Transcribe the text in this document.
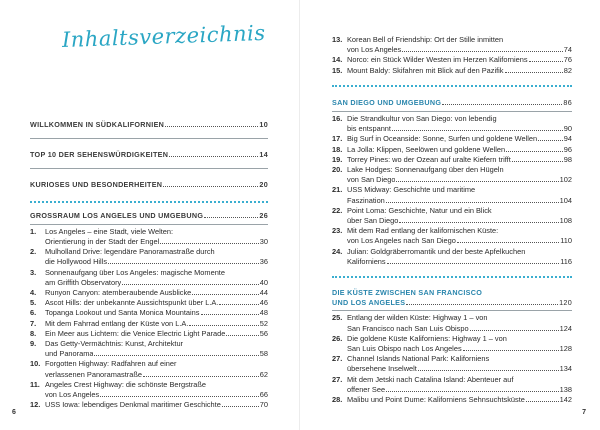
Inhaltsverzeichnis
WILLKOMMEN IN SÜDKALIFORNIEN	10
TOP 10 DER SEHENSWÜRDIGKEITEN	14
KURIOSES UND BESONDERHEITEN	20
GROSSRAUM LOS ANGELES UND UMGEBUNG	26
1. Los Angeles – eine Stadt, viele Welten:
Orientierung in der Stadt der Engel	30
2. Mulholland Drive: legendäre Panoramastraße durch
die Hollywood Hills	36
3. Sonnenaufgang über Los Angeles: magische Momente
am Griffith Observatory	40
4.	Runyon Canyon: atemberaubende Ausblicke	44
5.	Ascot Hills: der unbekannte Aussichtspunkt über L.A.	46
6.	Topanga Lookout und Santa Monica Mountains	48
7.	Mit dem Fahrrad entlang der Küste von L.A.	52
8.	Ein Meer aus Lichtern: die Venice Electric Light Parade	56
9. Das Getty-Vermächtnis: Kunst, Architektur
und Panorama	58
10. Forgotten Highway: Radfahren auf einer
verlassenen Panoramastraße	62
11. Angeles Crest Highway: die schönste Bergstraße
von Los Angeles	66
12. USS Iowa: lebendiges Denkmal maritimer Geschichte	70
6
13. Korean Bell of Friendship: Ort der Stille inmitten
von Los Angeles	74
14. Norco: ein Stück Wilder Westen im Herzen Kaliforniens	76
15. Mount Baldy: Skifahren mit Blick auf den Pazifik	82
SAN DIEGO UND UMGEBUNG	86
16. Die Strandkultur von San Diego: von lebendig
bis entspannt	90
17. Big Surf in Oceanside: Sonne, Surfen und goldene Wellen	94
18. La Jolla: Klippen, Seelöwen und goldene Wellen	96
19. Torrey Pines: wo der Ozean auf uralte Kiefern trifft	98
20. Lake Hodges: Sonnenaufgang über den Hügeln
von San Diego	102
21. USS Midway: Geschichte und maritime
Faszination	104
22. Point Loma: Geschichte, Natur und ein Blick
über San Diego	108
23. Mit dem Rad entlang der kalifornischen Küste:
von Los Angeles nach San Diego	110
24. Julian: Goldgräberromantik und der beste Apfelkuchen
Kaliforniens	116
DIE KÜSTE ZWISCHEN SAN FRANCISCO
UND LOS ANGELES	120
25. Entlang der wilden Küste: Highway 1 – von
San Francisco nach San Luis Obispo	124
26. Die goldene Küste Kaliforniens: Highway 1 – von
San Luis Obispo nach Los Angeles	128
27. Channel Islands National Park: Kaliforniens
übersehene Inselwelt	134
27. Mit dem Jetski nach Catalina Island: Abenteuer auf
offener See	138
28. Malibu und Point Dume: Kaliforniens Sehnsuchtsküste	142
7
